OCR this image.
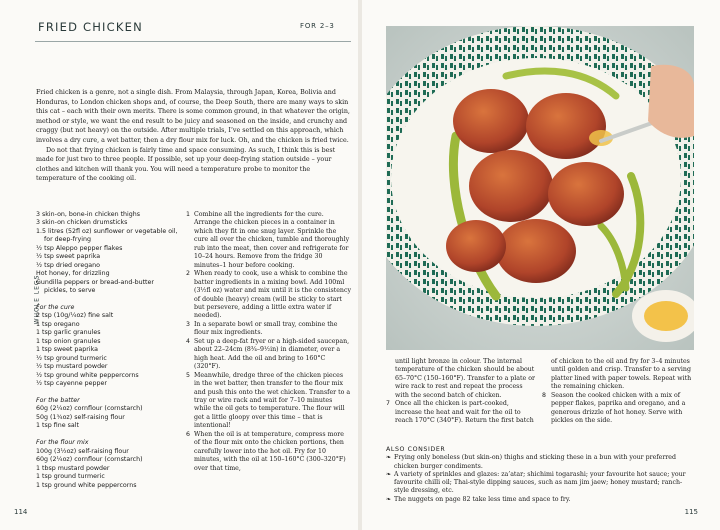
FRIED CHICKEN	FOR 2–3

Fried chicken is a genre, not a single dish. From Malaysia, through Japan, Korea, Bolivia and Honduras, to London chicken shops and, of course, the Deep South, there are many ways to skin this cat – each with their own merits. There is some common ground, in that whatever the origin, method or style, we want the end result to be juicy and seasoned on the inside, and crunchy and craggy (but not heavy) on the outside. After multiple trials, I’ve settled on this approach, which involves a dry cure, a wet batter, then a dry flour mix for luck. Oh, and the chicken is fried twice.

Do not that frying chicken is fairly time and space consuming. As such, I think this is best made for just two to three people. If possible, set up your deep-frying station outside – your clothes and kitchen will thank you. You will need a temperature probe to monitor the temperature of the cooking oil.

WHOLE LEGS
3 skin-on, bone-in chicken thighs
3 skin-on chicken drumsticks
1.5 litres (52fl oz) sunflower or vegetable oil,
for deep-frying
½ tsp Aleppo pepper flakes
½ tsp sweet paprika
½ tsp dried oregano
Hot honey, for drizzling
Gundilla peppers or bread-and-butter
pickles, to serve

For the cure
2 tsp (10g/¼oz) fine salt
1 tsp oregano
1 tsp garlic granules
1 tsp onion granules
1 tsp sweet paprika
½ tsp ground turmeric
½ tsp mustard powder
½ tsp ground white peppercorns
½ tsp cayenne pepper

For the batter
60g (2¼oz) cornflour (cornstarch)
50g (1¾oz) self-raising flour
1 tsp fine salt

For the flour mix
100g (3½oz) self-raising flour
60g (2¼oz) cornflour (cornstarch)
1 tbsp mustard powder
1 tsp ground turmeric
1 tsp ground white peppercorns
1 Combine all the ingredients for the cure. Arrange the chicken pieces in a container in which they fit in one snug layer. Sprinkle the cure all over the chicken, tumble and thoroughly rub into the meat, then cover and refrigerate for 10–24 hours. Remove from the fridge 30 minutes–1 hour before cooking.
2 When ready to cook, use a whisk to combine the batter ingredients in a mixing bowl. Add 100ml (3½fl oz) water and mix until it is the consistency of double (heavy) cream (will be sticky to start but persevere, adding a little extra water if needed).
3 In a separate bowl or small tray, combine the flour mix ingredients.
4 Set up a deep-fat fryer or a high-sided saucepan, about 22–24cm (8¾–9½in) in diameter, over a high heat. Add the oil and bring to 160°C (320°F).
5 Meanwhile, dredge three of the chicken pieces in the wet batter, then transfer to the flour mix and push this onto the wet chicken. Transfer to a tray or wire rack and wait for 7–10 minutes while the oil gets to temperature. The flour will get a little gloopy over this time – that is intentional!
6 When the oil is at temperature, compress more of the flour mix onto the chicken portions, then carefully lower into the hot oil. Fry for 10 minutes, with the oil at 150–160°C (300–320°F) over that time,
114
until light bronze in colour. The internal temperature of the chicken should be about 65–70°C (150–160°F). Transfer to a plate or wire rack to rest and repeat the process with the second batch of chicken.
7 Once all the chicken is part-cooked, increase the heat and wait for the oil to reach 170°C (340°F). Return the first batch
of chicken to the oil and fry for 3–4 minutes until golden and crisp. Transfer to a serving platter lined with paper towels. Repeat with the remaining chicken.
8 Season the cooked chicken with a mix of pepper flakes, paprika and oregano, and a generous drizzle of hot honey. Serve with pickles on the side.
ALSO CONSIDER
❧ Frying only boneless (but skin-on) thighs and sticking these in a bun with your preferred chicken burger condiments.
❧ A variety of sprinkles and glazes: za’atar; shichimi togarashi; your favourite hot sauce; your favourite chilli oil; Thai-style dipping sauces, such as nam jim jaew; honey mustard; ranch-style dressing, etc.
❧ The nuggets on page 82 take less time and space to fry.
115
